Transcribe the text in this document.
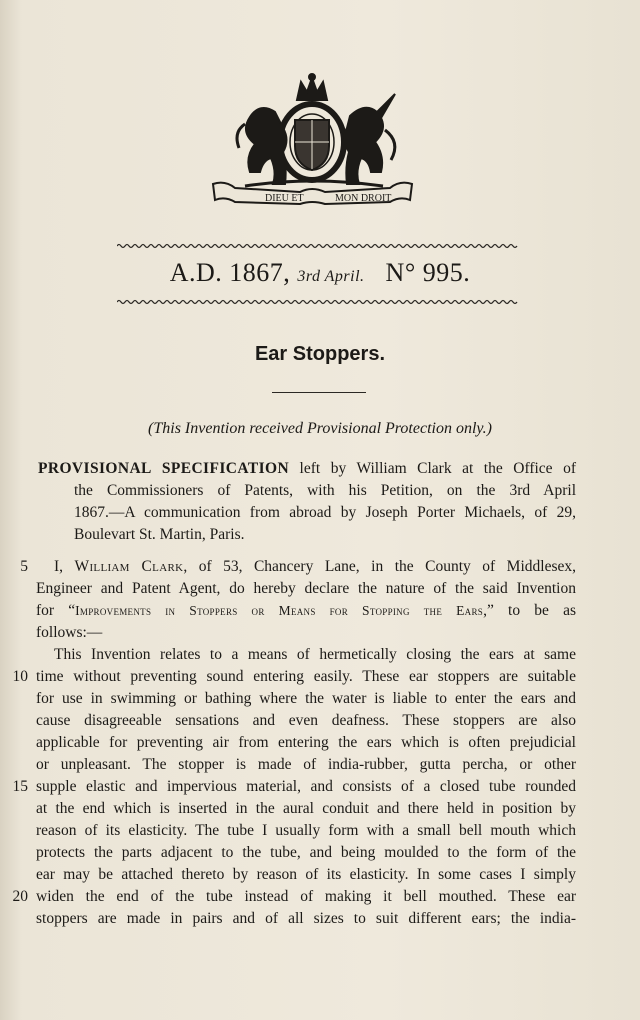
DIEU ET	MON DROIT
A.D. 1867, 3rd April. N° 995.
Ear Stoppers.
(This Invention received Provisional Protection only.)
PROVISIONAL SPECIFICATION left by William Clark at the Office of
the Commissioners of Patents, with his Petition, on the 3rd April
1867.—A communication from abroad by Joseph Porter Michaels, of 29,
Boulevart St. Martin, Paris.
I, William Clark, of 53, Chancery Lane, in the County of Middlesex,
Engineer and Patent Agent, do hereby declare the nature of the said Invention
for “Improvements in Stoppers or Means for Stopping the Ears,” to be as
follows:—
This Invention relates to a means of hermetically closing the ears at same
time without preventing sound entering easily. These ear stoppers are suitable
for use in swimming or bathing where the water is liable to enter the ears and
cause disagreeable sensations and even deafness. These stoppers are also
applicable for preventing air from entering the ears which is often prejudicial
or unpleasant. The stopper is made of india-rubber, gutta percha, or other
supple elastic and impervious material, and consists of a closed tube rounded
at the end which is inserted in the aural conduit and there held in position by
reason of its elasticity. The tube I usually form with a small bell mouth which
protects the parts adjacent to the tube, and being moulded to the form of the
ear may be attached thereto by reason of its elasticity. In some cases I simply
widen the end of the tube instead of making it bell mouthed. These ear
stoppers are made in pairs and of all sizes to suit different ears; the india-
5
10
15
20
